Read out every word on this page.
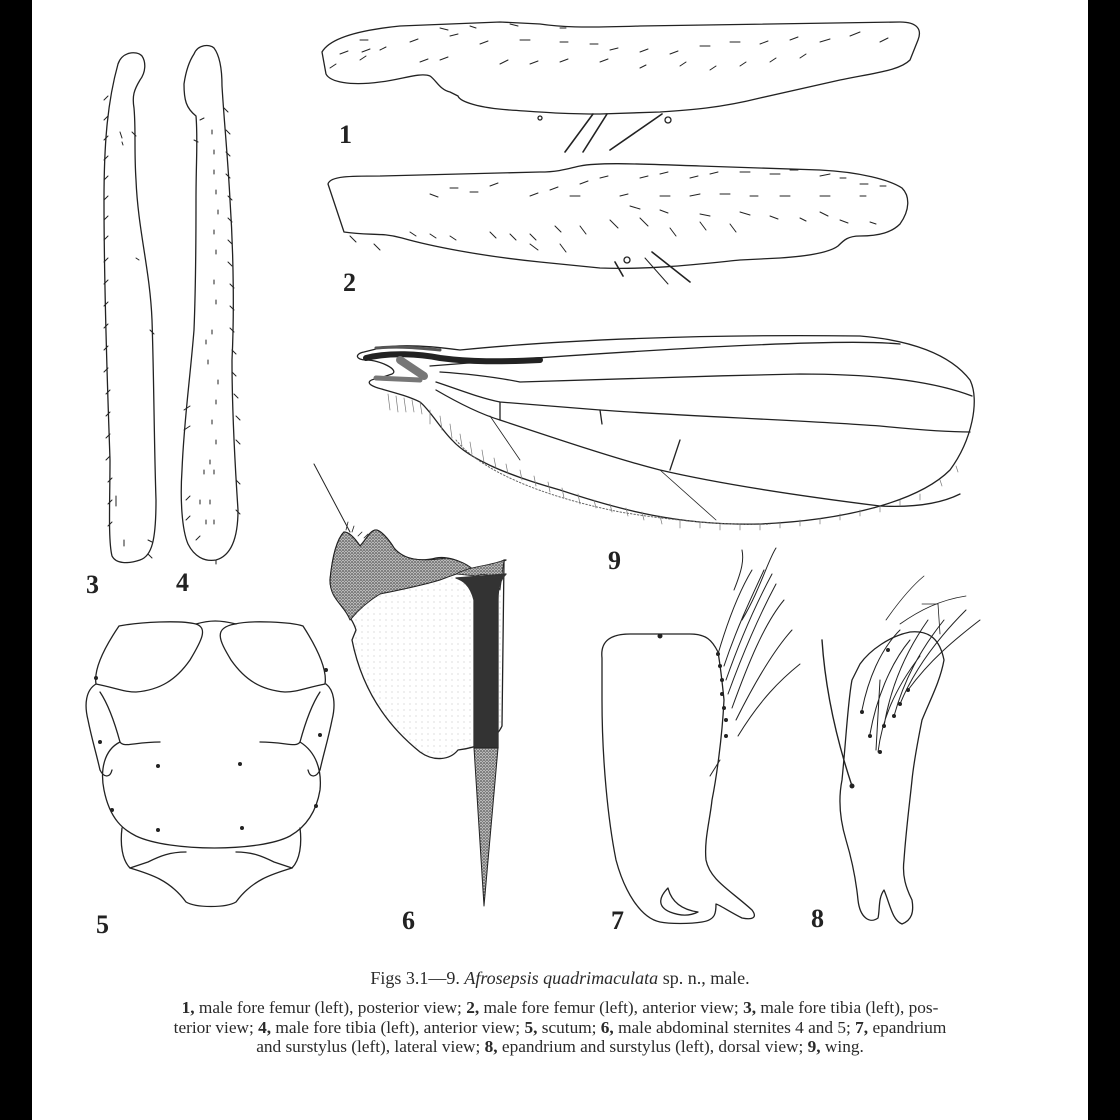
1
2
3	4
5	6	7	8
9
Figs 3.1—9. Afrosepsis quadrimaculata sp. n., male.
1, male fore femur (left), posterior view; 2, male fore femur (left), anterior view; 3, male fore tibia (left), pos-
terior view; 4, male fore tibia (left), anterior view; 5, scutum; 6, male abdominal sternites 4 and 5; 7, epandrium
and surstylus (left), lateral view; 8, epandrium and surstylus (left), dorsal view; 9, wing.
